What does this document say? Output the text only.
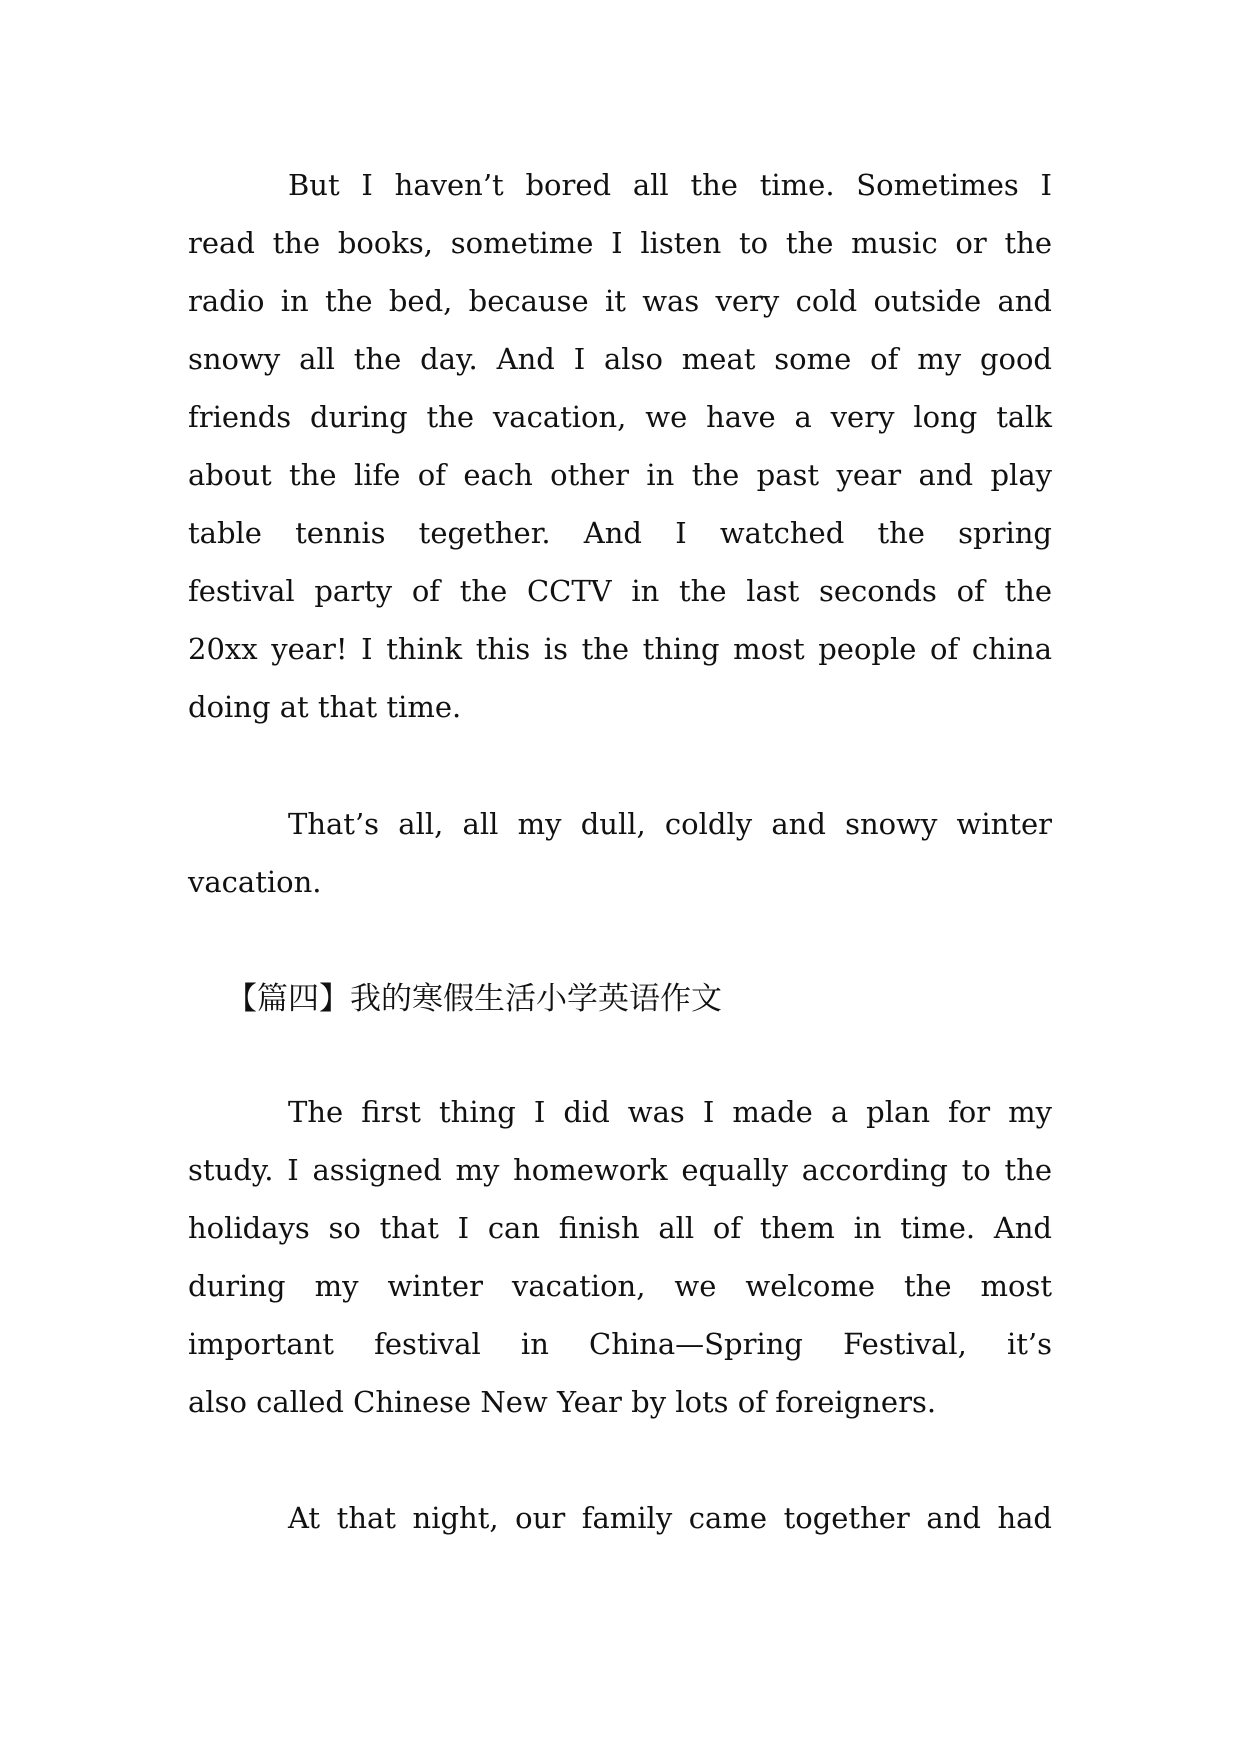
But I haven’t bored all the time. Sometimes I
read the books, sometime I listen to the music or the
radio in the bed, because it was very cold outside and
snowy all the day. And I also meat some of my good
friends during the vacation, we have a very long talk
about the life of each other in the past year and play
table tennis tegether. And I watched the spring
festival party of the CCTV in the last seconds of the
20xx year! I think this is the thing most people of china
doing at that time.
That’s all, all my dull, coldly and snowy winter
vacation.
【篇四】我的寒假生活小学英语作文
The first thing I did was I made a plan for my
study. I assigned my homework equally according to the
holidays so that I can finish all of them in time. And
during my winter vacation, we welcome the most
important festival in China—Spring Festival, it’s
also called Chinese New Year by lots of foreigners.
At that night, our family came together and had
